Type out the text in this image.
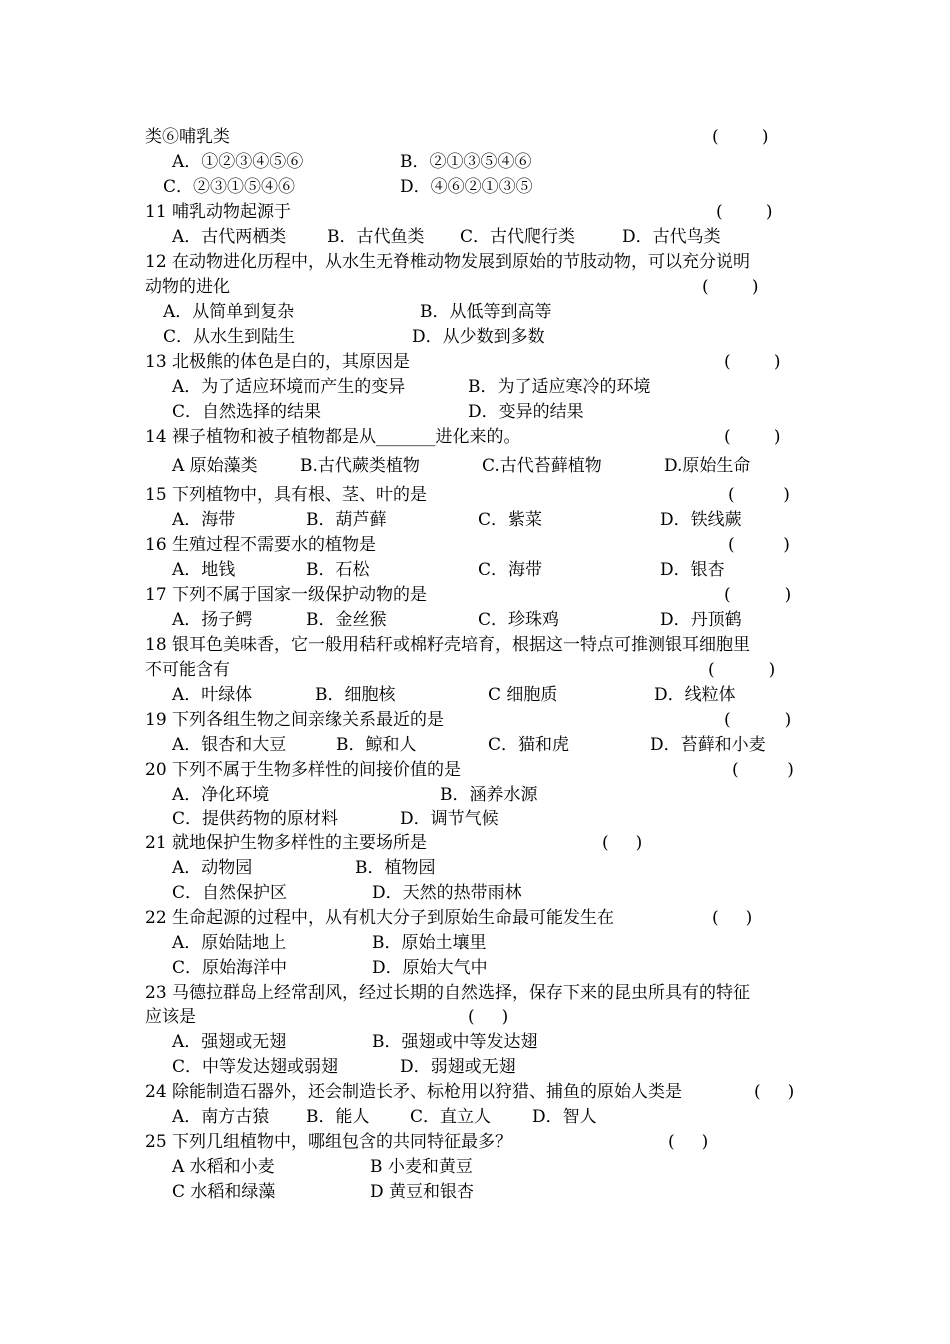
类⑥哺乳类	(        )
A．①②③④⑤⑥	B．②①③⑤④⑥
C．②③①⑤④⑥	D．④⑥②①③⑤
11 哺乳动物起源于	(        )
A．古代两栖类 B．古代鱼类 C．古代爬行类	D．古代鸟类
12 在动物进化历程中，从水生无脊椎动物发展到原始的节肢动物，可以充分说明
动物的进化	(        )
A．从简单到复杂	B．从低等到高等
C．从水生到陆生	D．从少数到多数
13 北极熊的体色是白的，其原因是	(        )
A．为了适应环境而产生的变异	B．为了适应寒冷的环境
C．自然选择的结果	D．变异的结果
14 裸子植物和被子植物都是从_______进化来的。	(        )
A 原始藻类 B.古代蕨类植物	C.古代苔藓植物	D.原始生命
15 下列植物中，具有根、茎、叶的是	(         )
A．海带	B．葫芦藓	C．紫菜	D．铁线蕨
16 生殖过程不需要水的植物是	(         )
A．地钱	B．石松	C．海带	D．银杏
17 下列不属于国家一级保护动物的是	(          )
A．扬子鳄	B．金丝猴	C．珍珠鸡	D．丹顶鹤
18 银耳色美味香，它一般用秸秆或棉籽壳培育，根据这一特点可推测银耳细胞里
不可能含有	(          )
A．叶绿体	B．细胞核	C 细胞质	D．线粒体
19 下列各组生物之间亲缘关系最近的是	(          )
A．银杏和大豆	B．鲸和人	C．猫和虎	D．苔藓和小麦
20 下列不属于生物多样性的间接价值的是	(         )
A．净化环境	B．涵养水源
C．提供药物的原材料	D．调节气候
21 就地保护生物多样性的主要场所是	(     )
A．动物园	B．植物园
C．自然保护区	D．天然的热带雨林
22 生命起源的过程中，从有机大分子到原始生命最可能发生在	(     )
A．原始陆地上	B．原始土壤里
C．原始海洋中	D．原始大气中
23 马德拉群岛上经常刮风，经过长期的自然选择，保存下来的昆虫所具有的特征
应该是	(     )
A．强翅或无翅	B．强翅或中等发达翅
C．中等发达翅或弱翅	D．弱翅或无翅
24 除能制造石器外，还会制造长矛、标枪用以狩猎、捕鱼的原始人类是	(     )
A．南方古猿 B．能人 C．直立人 D．智人
25 下列几组植物中，哪组包含的共同特征最多？	(     )
A 水稻和小麦	B 小麦和黄豆
C 水稻和绿藻	D 黄豆和银杏
